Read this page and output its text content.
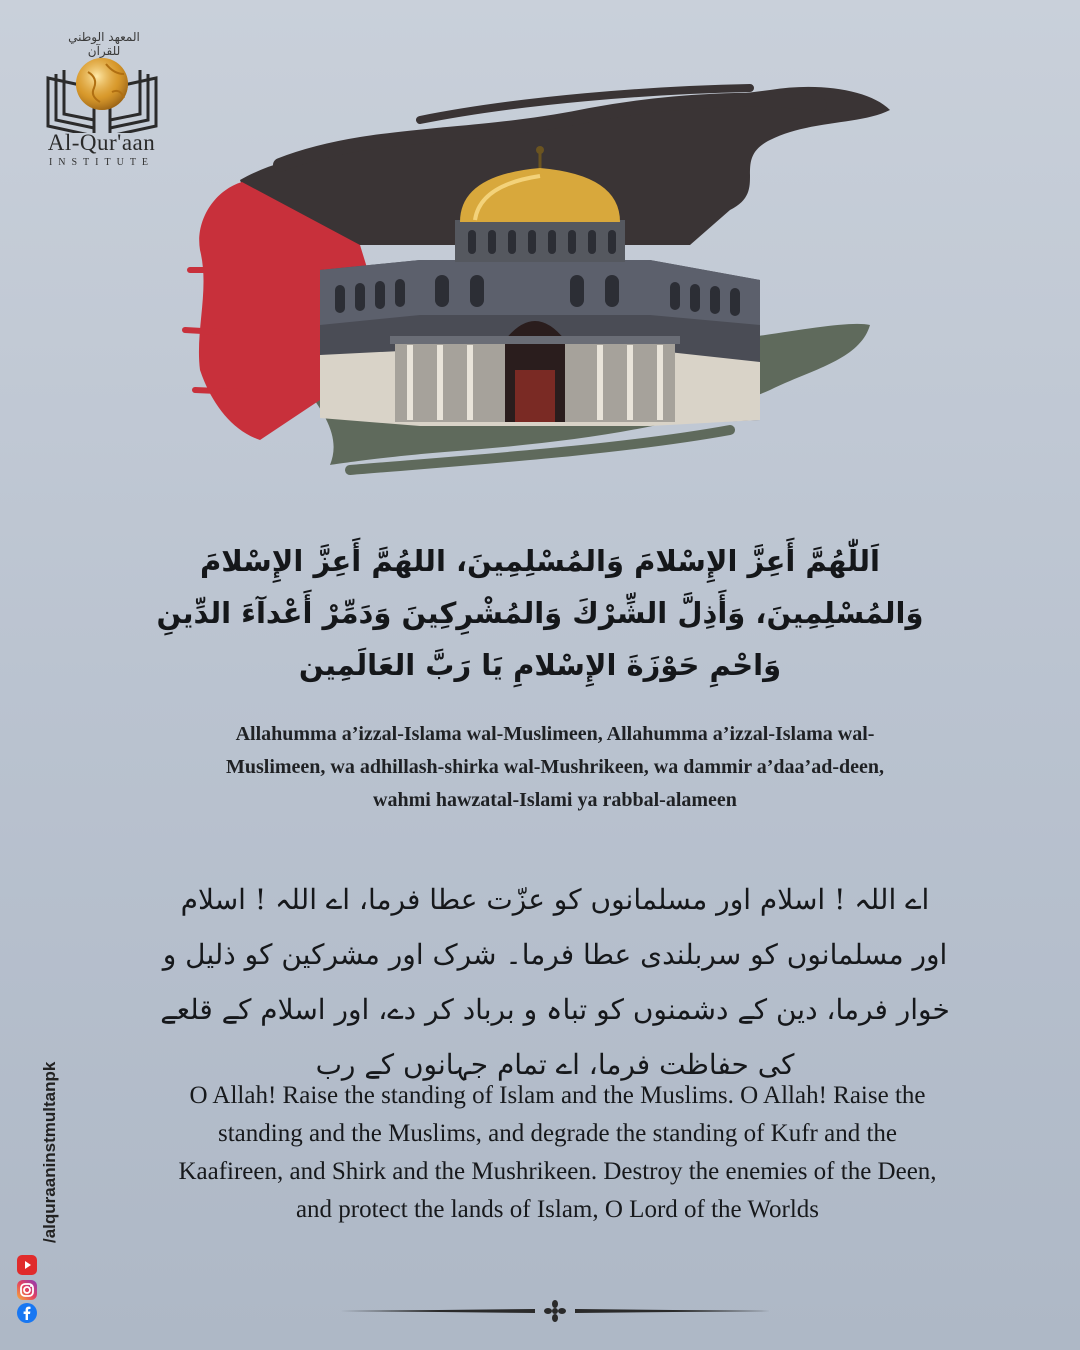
المعهد الوطني للقرآن
Al-Qur'aan
INSTITUTE
اَللّٰهُمَّ أَعِزَّ الإِسْلامَ وَالمُسْلِمِينَ، اللهُمَّ أَعِزَّ الإِسْلامَ وَالمُسْلِمِينَ، وَأَذِلَّ الشِّرْكَ وَالمُشْرِكِينَ وَدَمِّرْ أَعْدآءَ الدِّينِ وَاحْمِ حَوْزَةَ الإِسْلامِ يَا رَبَّ العَالَمِين
Allahumma a’izzal-Islama wal-Muslimeen, Allahumma a’izzal-Islama wal-Muslimeen, wa adhillash-shirka wal-Mushrikeen, wa dammir a’daa’ad-deen, wahmi hawzatal-Islami ya rabbal-alameen
اے اللہ ! اسلام اور مسلمانوں کو عزّت عطا فرما، اے اللہ ! اسلام اور مسلمانوں کو سربلندی عطا فرما۔ شرک اور مشرکین کو ذلیل و خوار فرما، دین کے دشمنوں کو تباہ و برباد کر دے، اور اسلام کے قلعے کی حفاظت فرما، اے تمام جہانوں کے رب
O Allah! Raise the standing of Islam and the Muslims. O Allah! Raise the standing and the Muslims, and degrade the standing of Kufr and the Kaafireen, and Shirk and the Mushrikeen. Destroy the enemies of the Deen, and protect the lands of Islam, O Lord of the Worlds
/alquraaninstmultanpk
